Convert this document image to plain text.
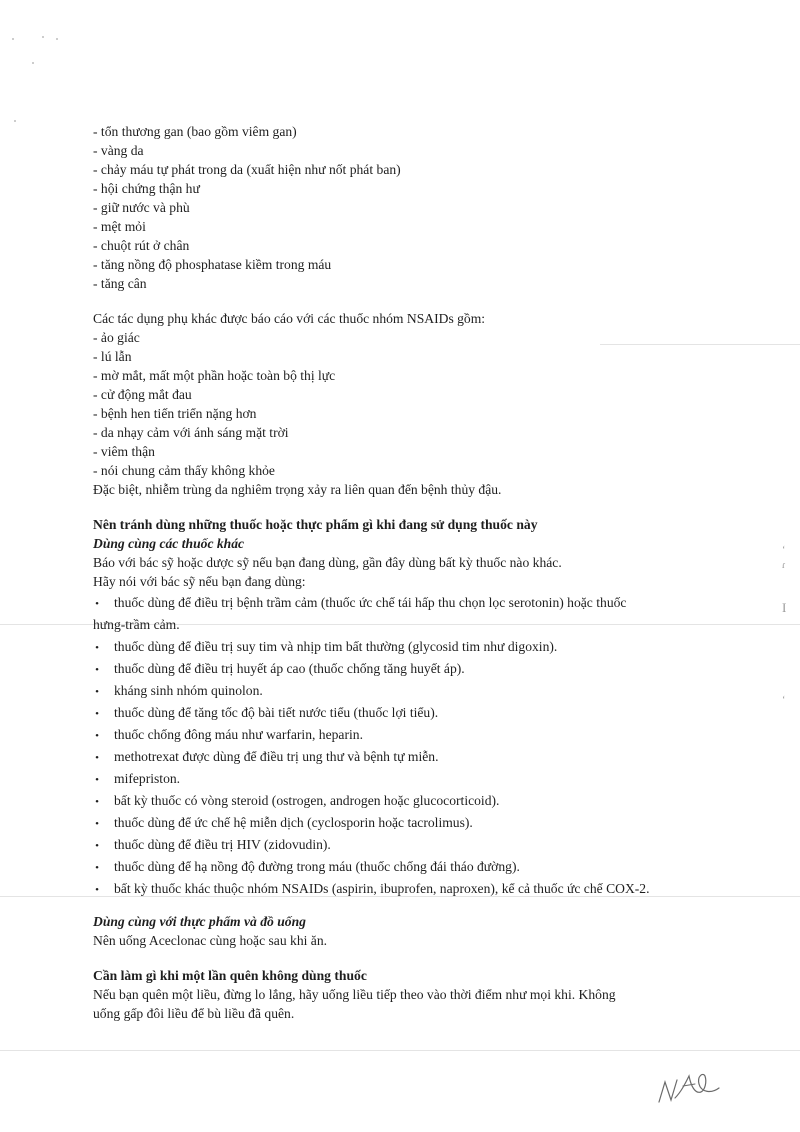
ʻ
ɾ
I
ʻ
- tổn thương gan (bao gồm viêm gan)
- vàng da
- chảy máu tự phát trong da (xuất hiện như nốt phát ban)
- hội chứng thận hư
- giữ nước và phù
- mệt mỏi
- chuột rút ở chân
- tăng nồng độ phosphatase kiềm trong máu
- tăng cân
Các tác dụng phụ khác được báo cáo với các thuốc nhóm NSAIDs gồm:
- ảo giác
- lú lẫn
- mờ mắt, mất một phần hoặc toàn bộ thị lực
- cử động mắt đau
- bệnh hen tiến triển nặng hơn
- da nhạy cảm với ánh sáng mặt trời
- viêm thận
- nói chung cảm thấy không khỏe
Đặc biệt, nhiễm trùng da nghiêm trọng xảy ra liên quan đến bệnh thủy đậu.
Nên tránh dùng những thuốc hoặc thực phẩm gì khi đang sử dụng thuốc này
Dùng cùng các thuốc khác
Báo với bác sỹ hoặc dược sỹ nếu bạn đang dùng, gần đây dùng bất kỳ thuốc nào khác.
Hãy nói với bác sỹ nếu bạn đang dùng:
• thuốc dùng để điều trị bệnh trầm cảm (thuốc ức chế tái hấp thu chọn lọc serotonin) hoặc thuốc
hưng-trầm cảm.
• thuốc dùng để điều trị suy tim và nhịp tim bất thường (glycosid tim như digoxin).
• thuốc dùng để điều trị huyết áp cao (thuốc chống tăng huyết áp).
• kháng sinh nhóm quinolon.
• thuốc dùng để tăng tốc độ bài tiết nước tiểu (thuốc lợi tiểu).
• thuốc chống đông máu như warfarin, heparin.
• methotrexat được dùng để điều trị ung thư và bệnh tự miễn.
• mifepriston.
• bất kỳ thuốc có vòng steroid (ostrogen, androgen hoặc glucocorticoid).
• thuốc dùng để ức chế hệ miễn dịch (cyclosporin hoặc tacrolimus).
• thuốc dùng để điều trị HIV (zidovudin).
• thuốc dùng để hạ nồng độ đường trong máu (thuốc chống đái tháo đường).
• bất kỳ thuốc khác thuộc nhóm NSAIDs (aspirin, ibuprofen, naproxen), kể cả thuốc ức chế COX-2.
Dùng cùng với thực phẩm và đồ uống
Nên uống Aceclonac cùng hoặc sau khi ăn.
Cần làm gì khi một lần quên không dùng thuốc
Nếu bạn quên một liều, đừng lo lắng, hãy uống liều tiếp theo vào thời điểm như mọi khi. Không
uống gấp đôi liều để bù liều đã quên.
